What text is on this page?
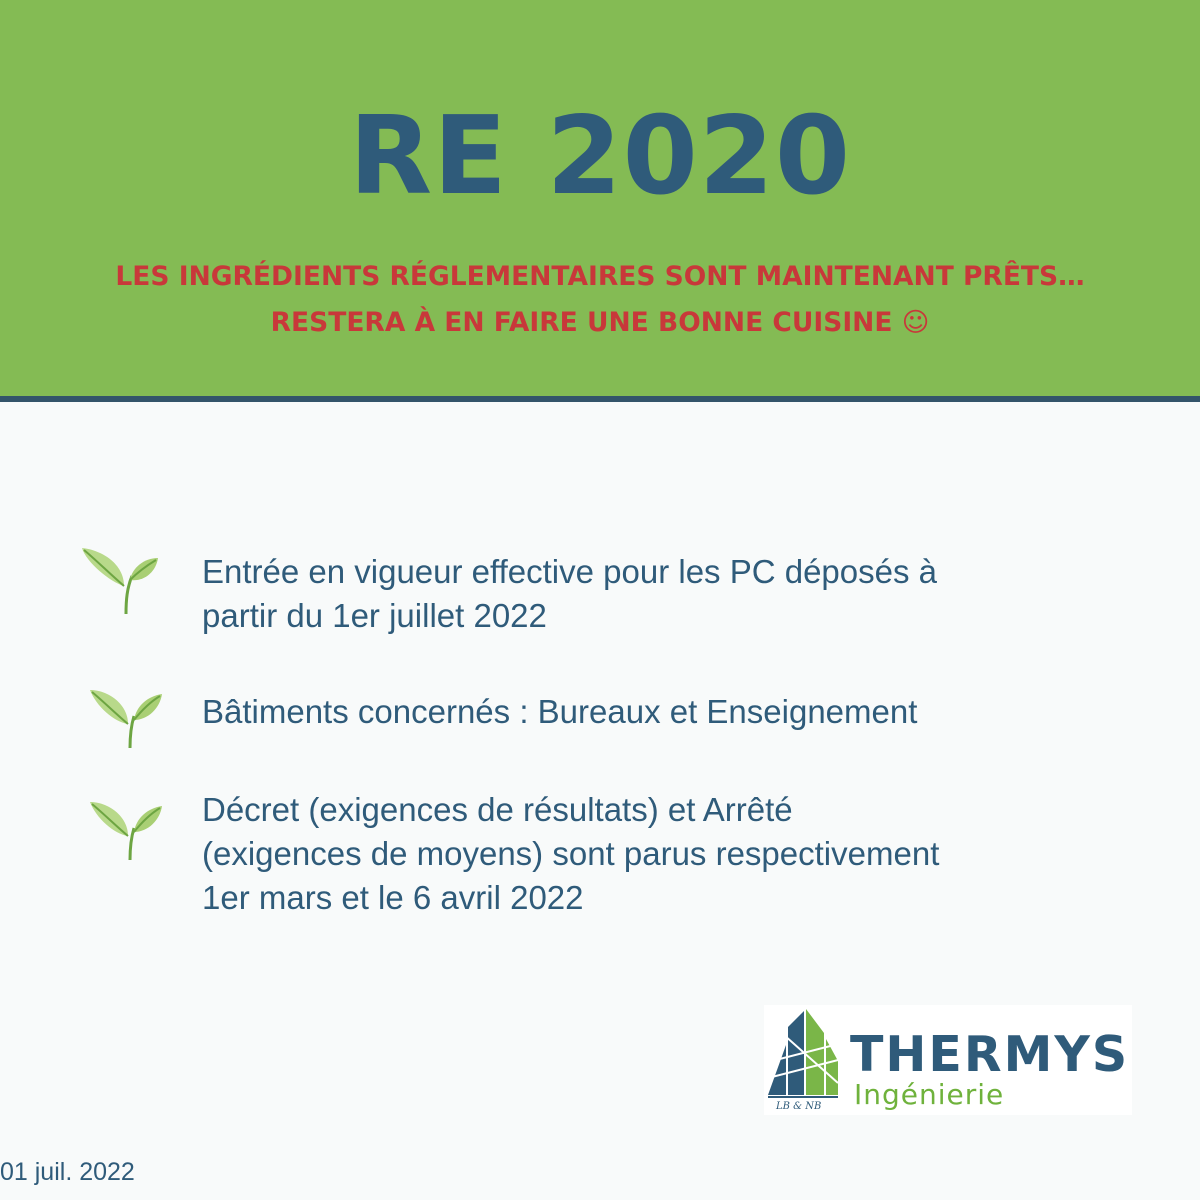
RE 2020
LES INGRÉDIENTS RÉGLEMENTAIRES SONT MAINTENANT PRÊTS…
RESTERA À EN FAIRE UNE BONNE CUISINE ☺
Entrée en vigueur effective pour les PC déposés à
partir du 1er juillet 2022
Bâtiments concernés : Bureaux et Enseignement
Décret (exigences de résultats) et Arrêté
(exigences de moyens) sont parus respectivement
1er mars et le 6 avril 2022
LB & NB
THERMYS
Ingénierie
01 juil. 2022
